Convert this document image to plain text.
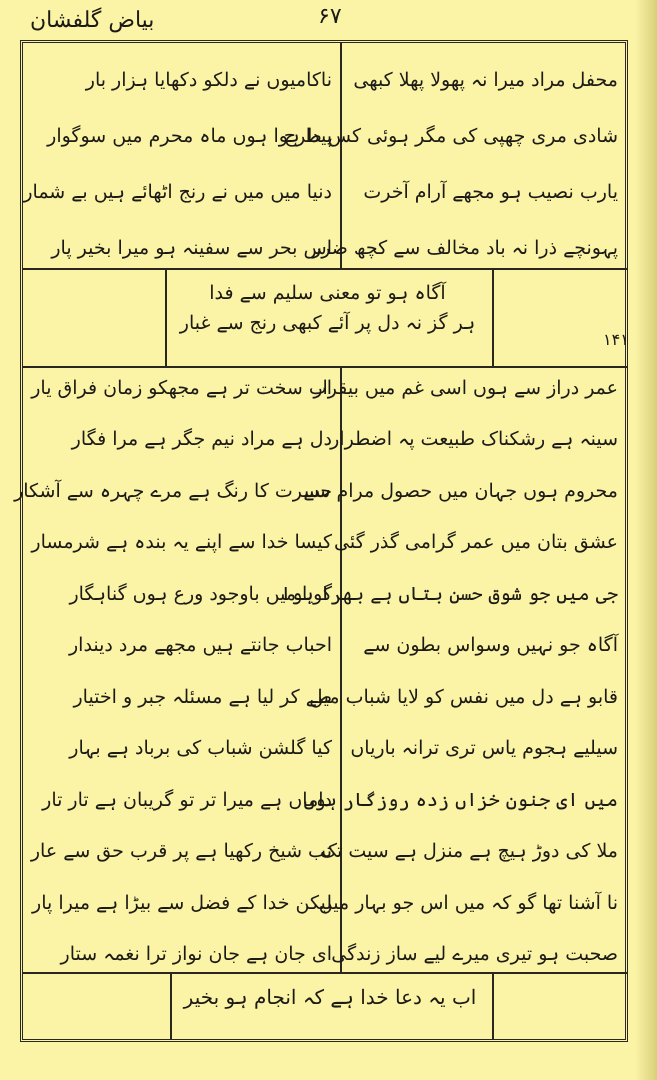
بیاض گلفشان	۶۷
محفل مراد میرا نہ پھولا پھلا کبھی
شادی مری چھپی کی مگر ہوئی کس طرح
یارب نصیب ہو مجھے آرام آخرت
پہونچے ذرا نہ باد مخالف سے کچھ ضرر
ناکامیوں نے دلکو دکھایا ہزار بار
پیدا ہوا ہوں ماہ محرم میں سوگوار
دنیا میں میں نے رنج اٹھائے ہیں بے شمار
اس بحر سے سفینہ ہو میرا بخیر پار
آگاہ ہو تو معنی سلیم سے فدا
ہر گز نہ دل پر آئے کبھی رنج سے غبار
۱۴۱
عمر دراز سے ہوں اسی غم میں بیقرار
سینہ ہے رشکناک طبیعت پہ اضطرار
محروم ہوں جہان میں حصول مرام سے
عشق بتان میں عمر گرامی گذر گئی
جی میں جو شوق حسن بتاں ہے بھرا ہوا
آگاہ جو نہیں وسواس بطون سے
قابو ہے دل میں نفس کو لایا شباب میں
سیلیے ہجوم یاس تری ترانہ باریاں
میں ای جنون خزاں زدہ روزگار ہوں
ملا کی دوڑ ہیچ ہے منزل ہے سیت تک
نا آشنا تھا گو کہ میں اس جو بہار میں
صحبت ہو تیری میرے لیے ساز زندگی
اب سخت تر ہے مجھکو زمان فراق یار
دل ہے مراد نیم جگر ہے مرا فگار
حسرت کا رنگ ہے مرے چہرہ سے آشکار
کیسا خدا سے اپنے یہ بندہ ہے شرمسار
گویا میں باوجود ورع ہوں گناہگار
احباب جانتے ہیں مجھے مرد دیندار
طے کر لیا ہے مسئلہ جبر و اختیار
کیا گلشن شباب کی برباد ہے بہار
داماں ہے میرا تر تو گریبان ہے تار تار
تب شیخ رکھیا ہے پر قرب حق سے عار
لیکن خدا کے فضل سے بیڑا ہے میرا پار
ای جان ہے جان نواز ترا نغمہ ستار
اب یہ دعا خدا ہے کہ انجام ہو بخیر
